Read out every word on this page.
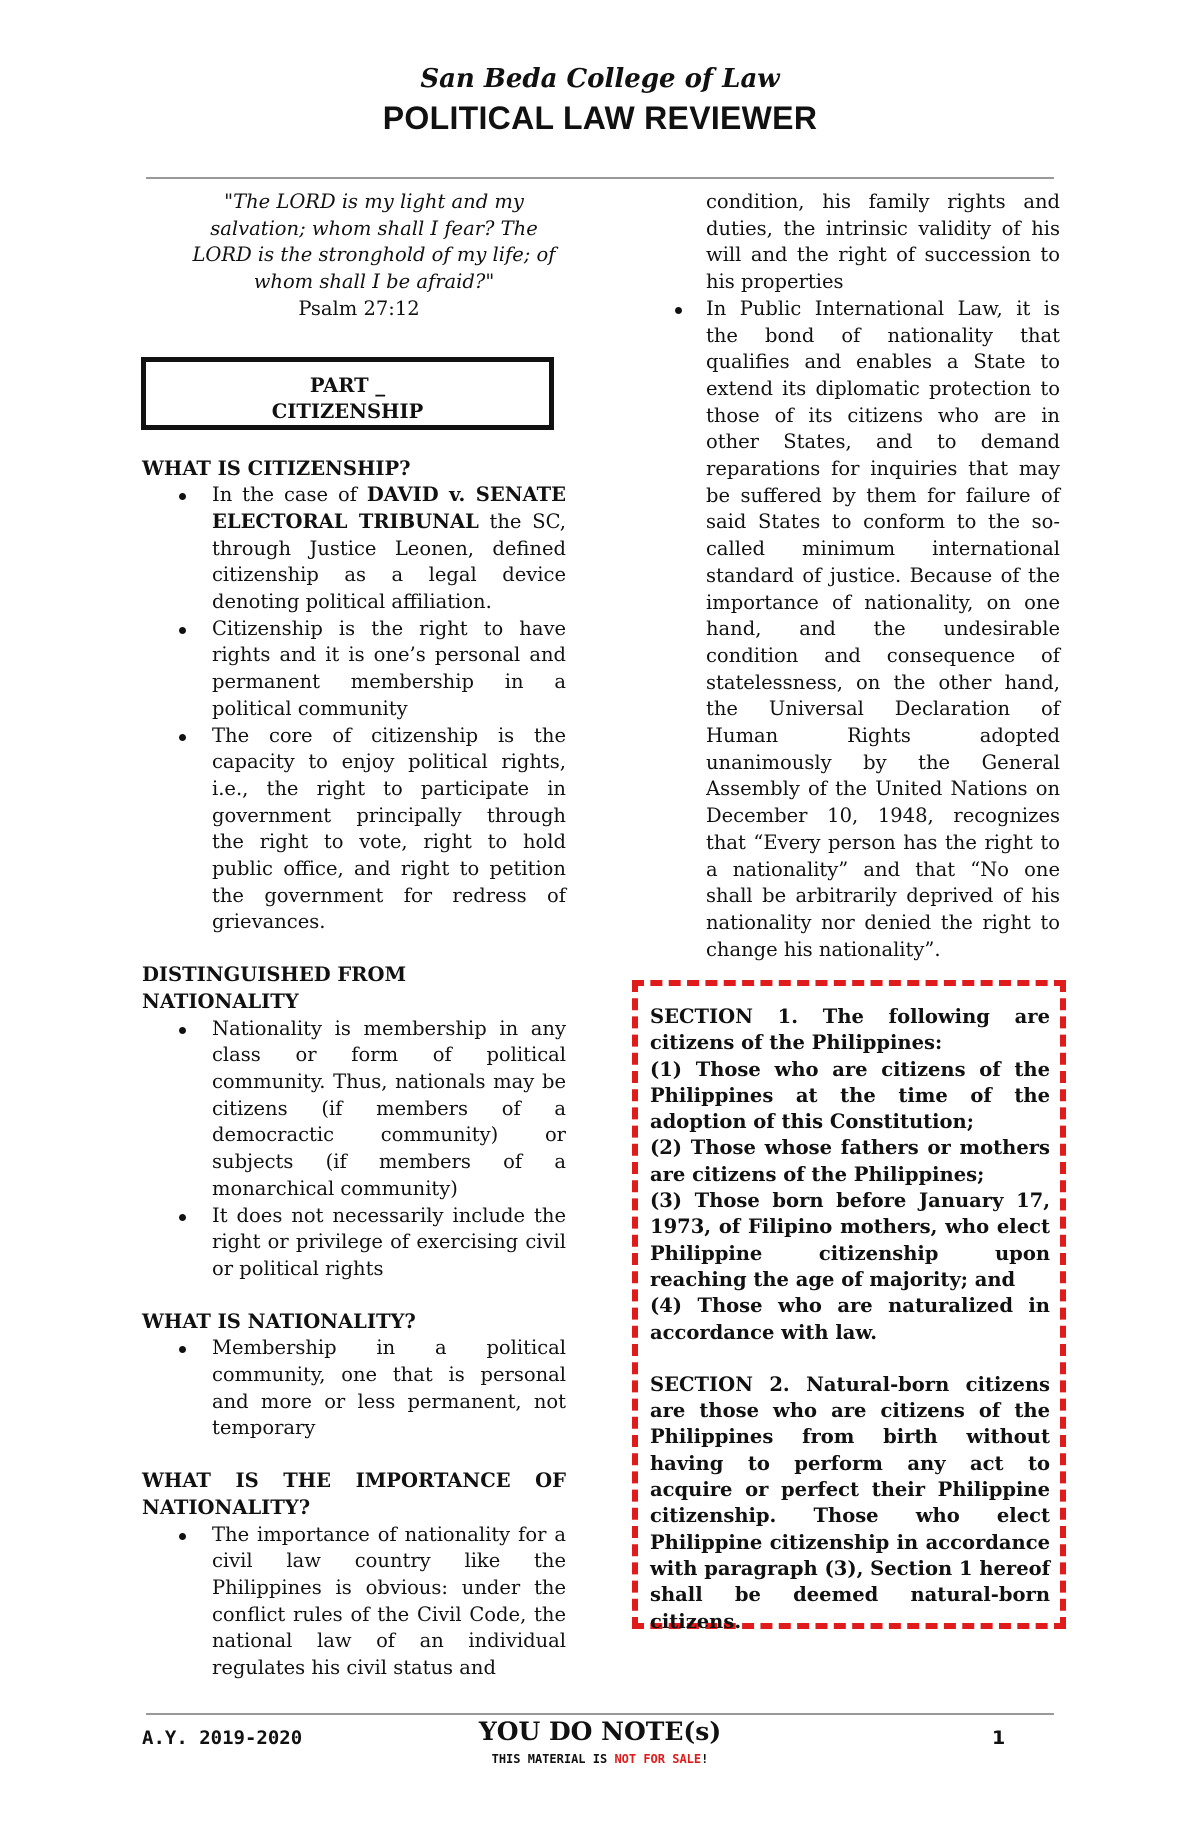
San Beda College of Law
POLITICAL LAW REVIEWER
"The LORD is my light and my salvation; whom shall I fear? The LORD is the stronghold of my life; of whom shall I be afraid?"
Psalm 27:12
PART _
CITIZENSHIP
WHAT IS CITIZENSHIP?
In the case of DAVID v. SENATE ELECTORAL TRIBUNAL the SC, through Justice Leonen, defined citizenship as a legal device denoting political affiliation.
Citizenship is the right to have rights and it is one’s personal and permanent membership in a political community
The core of citizenship is the capacity to enjoy political rights, i.e., the right to participate in government principally through the right to vote, right to hold public office, and right to petition the government for redress of grievances.
DISTINGUISHED FROM NATIONALITY
Nationality is membership in any class or form of political community. Thus, nationals may be citizens (if members of a democractic community) or subjects (if members of a monarchical community)
It does not necessarily include the right or privilege of exercising civil or political rights
WHAT IS NATIONALITY?
Membership in a political community, one that is personal and more or less permanent, not temporary
WHAT IS THE IMPORTANCE OF NATIONALITY?
The importance of nationality for a civil law country like the Philippines is obvious: under the conflict rules of the Civil Code, the national law of an individual regulates his civil status and
condition, his family rights and duties, the intrinsic validity of his will and the right of succession to his properties
In Public International Law, it is the bond of nationality that qualifies and enables a State to extend its diplomatic protection to those of its citizens who are in other States, and to demand reparations for inquiries that may be suffered by them for failure of said States to conform to the so-called minimum international standard of justice. Because of the importance of nationality, on one hand, and the undesirable condition and consequence of statelessness, on the other hand, the Universal Declaration of Human Rights adopted unanimously by the General Assembly of the United Nations on December 10, 1948, recognizes that “Every person has the right to a nationality” and that “No one shall be arbitrarily deprived of his nationality nor denied the right to change his nationality”.

SECTION 1. The following are citizens of the Philippines:

(1) Those who are citizens of the Philippines at the time of the adoption of this Constitution;

(2) Those whose fathers or mothers are citizens of the Philippines;

(3) Those born before January 17, 1973, of Filipino mothers, who elect Philippine citizenship upon reaching the age of majority; and

(4) Those who are naturalized in accordance with law.

SECTION 2. Natural-born citizens are those who are citizens of the Philippines from birth without having to perform any act to acquire or perfect their Philippine citizenship. Those who elect Philippine citizenship in accordance with paragraph (3), Section 1 hereof shall be deemed natural-born citizens.

A.Y. 2019-2020	YOU DO NOTE(s)
THIS MATERIAL IS NOT FOR SALE!
1
